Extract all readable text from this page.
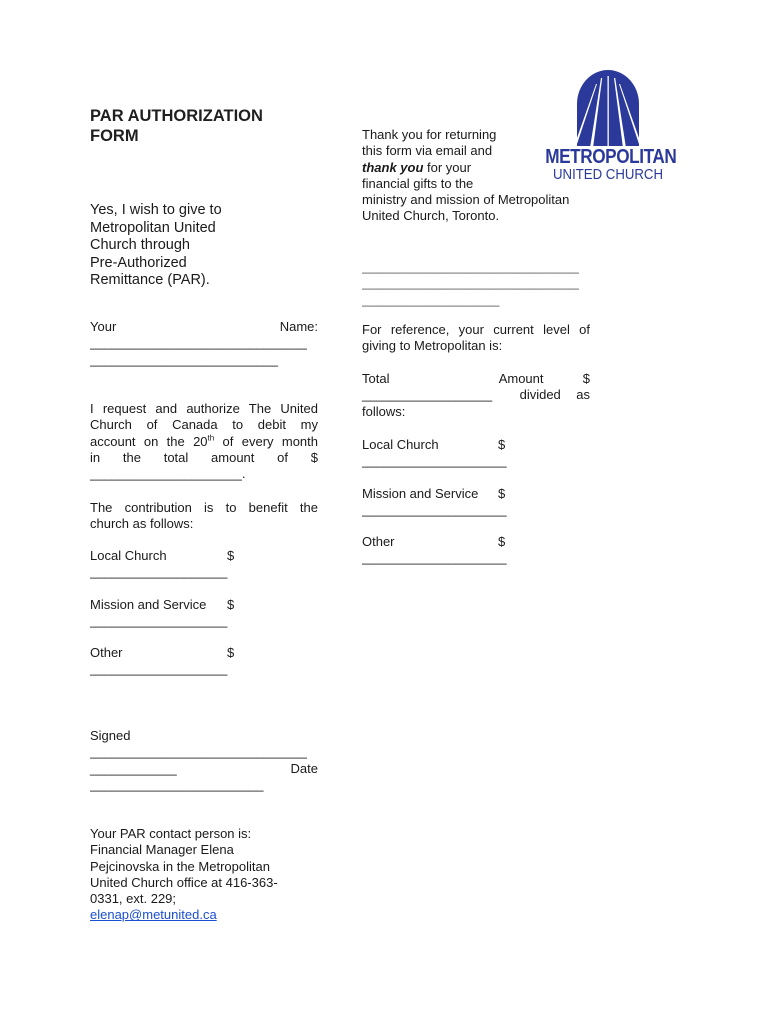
METROPOLITAN
UNITED CHURCH
PAR AUTHORIZATION
FORM
Yes, I wish to give to
Metropolitan United
Church through
Pre-Authorized
Remittance (PAR).
Your	Name:
______________________________
__________________________
I request and authorize The United
Church of Canada to debit my
account on the 20th of every month
in the total amount of $
_____________________.
The contribution is to benefit the
church as follows:
Local Church	$
___________________
Mission and Service	$
___________________
Other	$
___________________
Signed
______________________________
____________	Date
________________________
Your PAR contact person is:
Financial Manager Elena
Pejcinovska in the Metropolitan
United Church office at 416-363-
0331, ext. 229;
elenap@metunited.ca
Thank you for returning
this form via email and
thank you for your
financial gifts to the
ministry and mission of Metropolitan
United Church, Toronto.
______________________________
______________________________
___________________
For reference, your current level of
giving to Metropolitan is:
Total	Amount	$
__________________ divided as
follows:
Local Church	$
____________________
Mission and Service	$
____________________
Other	$
____________________
